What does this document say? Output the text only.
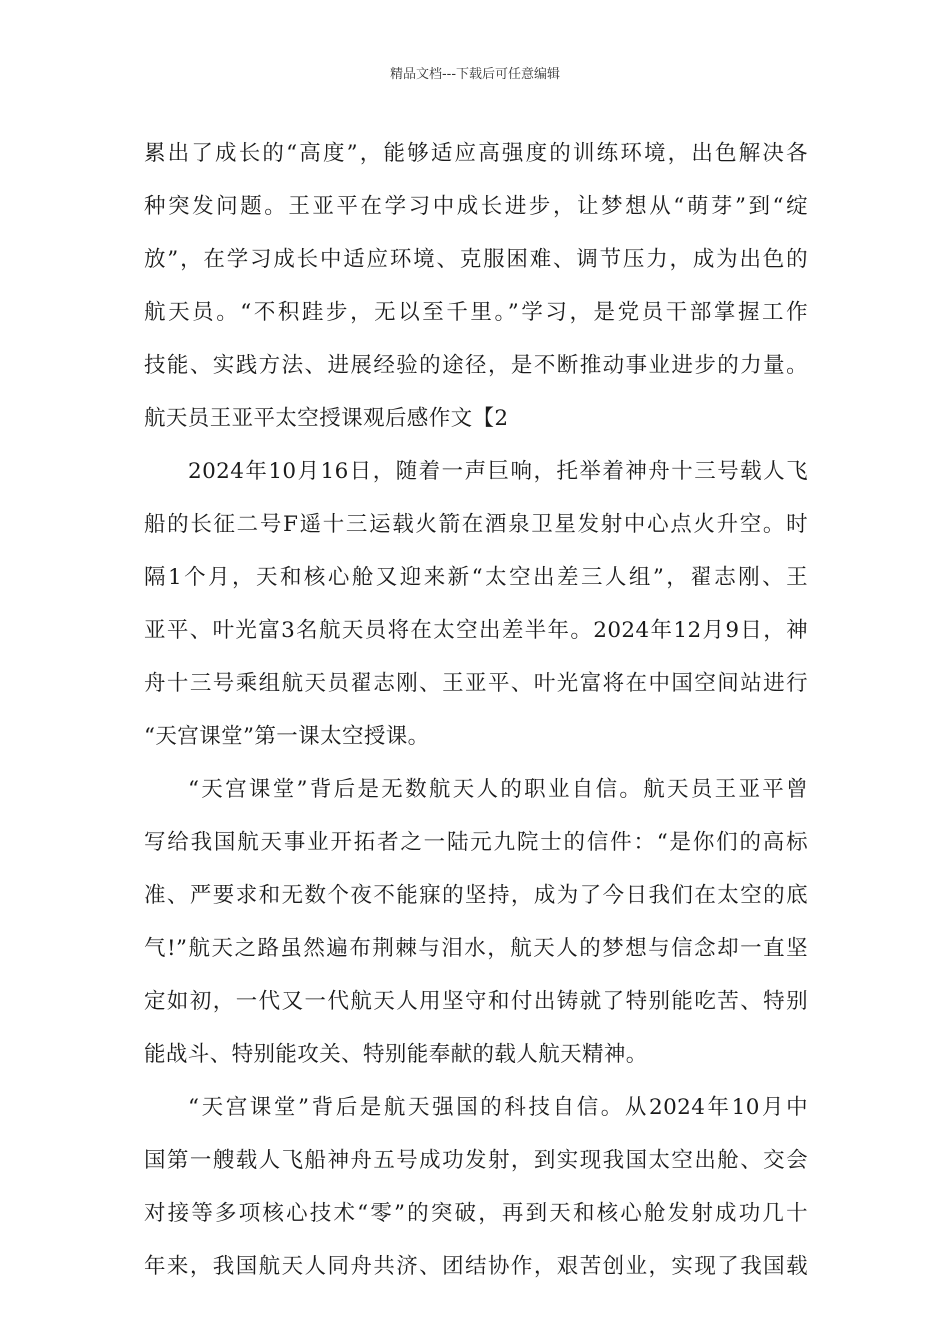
精品文档---下载后可任意编辑
累出了成长的“高度”，能够适应高强度的训练环境，出色解决各
种突发问题。王亚平在学习中成长进步，让梦想从“萌芽”到“绽
放”，在学习成长中适应环境、克服困难、调节压力，成为出色的
航天员。“不积跬步，无以至千里。”学习，是党员干部掌握工作
技能、实践方法、进展经验的途径，是不断推动事业进步的力量。
航天员王亚平太空授课观后感作文【2
2024年10月16日，随着一声巨响，托举着神舟十三号载人飞
船的长征二号F遥十三运载火箭在酒泉卫星发射中心点火升空。时
隔1个月，天和核心舱又迎来新“太空出差三人组”，翟志刚、王
亚平、叶光富3名航天员将在太空出差半年。2024年12月9日，神
舟十三号乘组航天员翟志刚、王亚平、叶光富将在中国空间站进行
“天宫课堂”第一课太空授课。
“天宫课堂”背后是无数航天人的职业自信。航天员王亚平曾
写给我国航天事业开拓者之一陆元九院士的信件：“是你们的高标
准、严要求和无数个夜不能寐的坚持，成为了今日我们在太空的底
气!”航天之路虽然遍布荆棘与泪水，航天人的梦想与信念却一直坚
定如初，一代又一代航天人用坚守和付出铸就了特别能吃苦、特别
能战斗、特别能攻关、特别能奉献的载人航天精神。
“天宫课堂”背后是航天强国的科技自信。从2024年10月中
国第一艘载人飞船神舟五号成功发射，到实现我国太空出舱、交会
对接等多项核心技术“零”的突破，再到天和核心舱发射成功几十
年来，我国航天人同舟共济、团结协作，艰苦创业，实现了我国载
